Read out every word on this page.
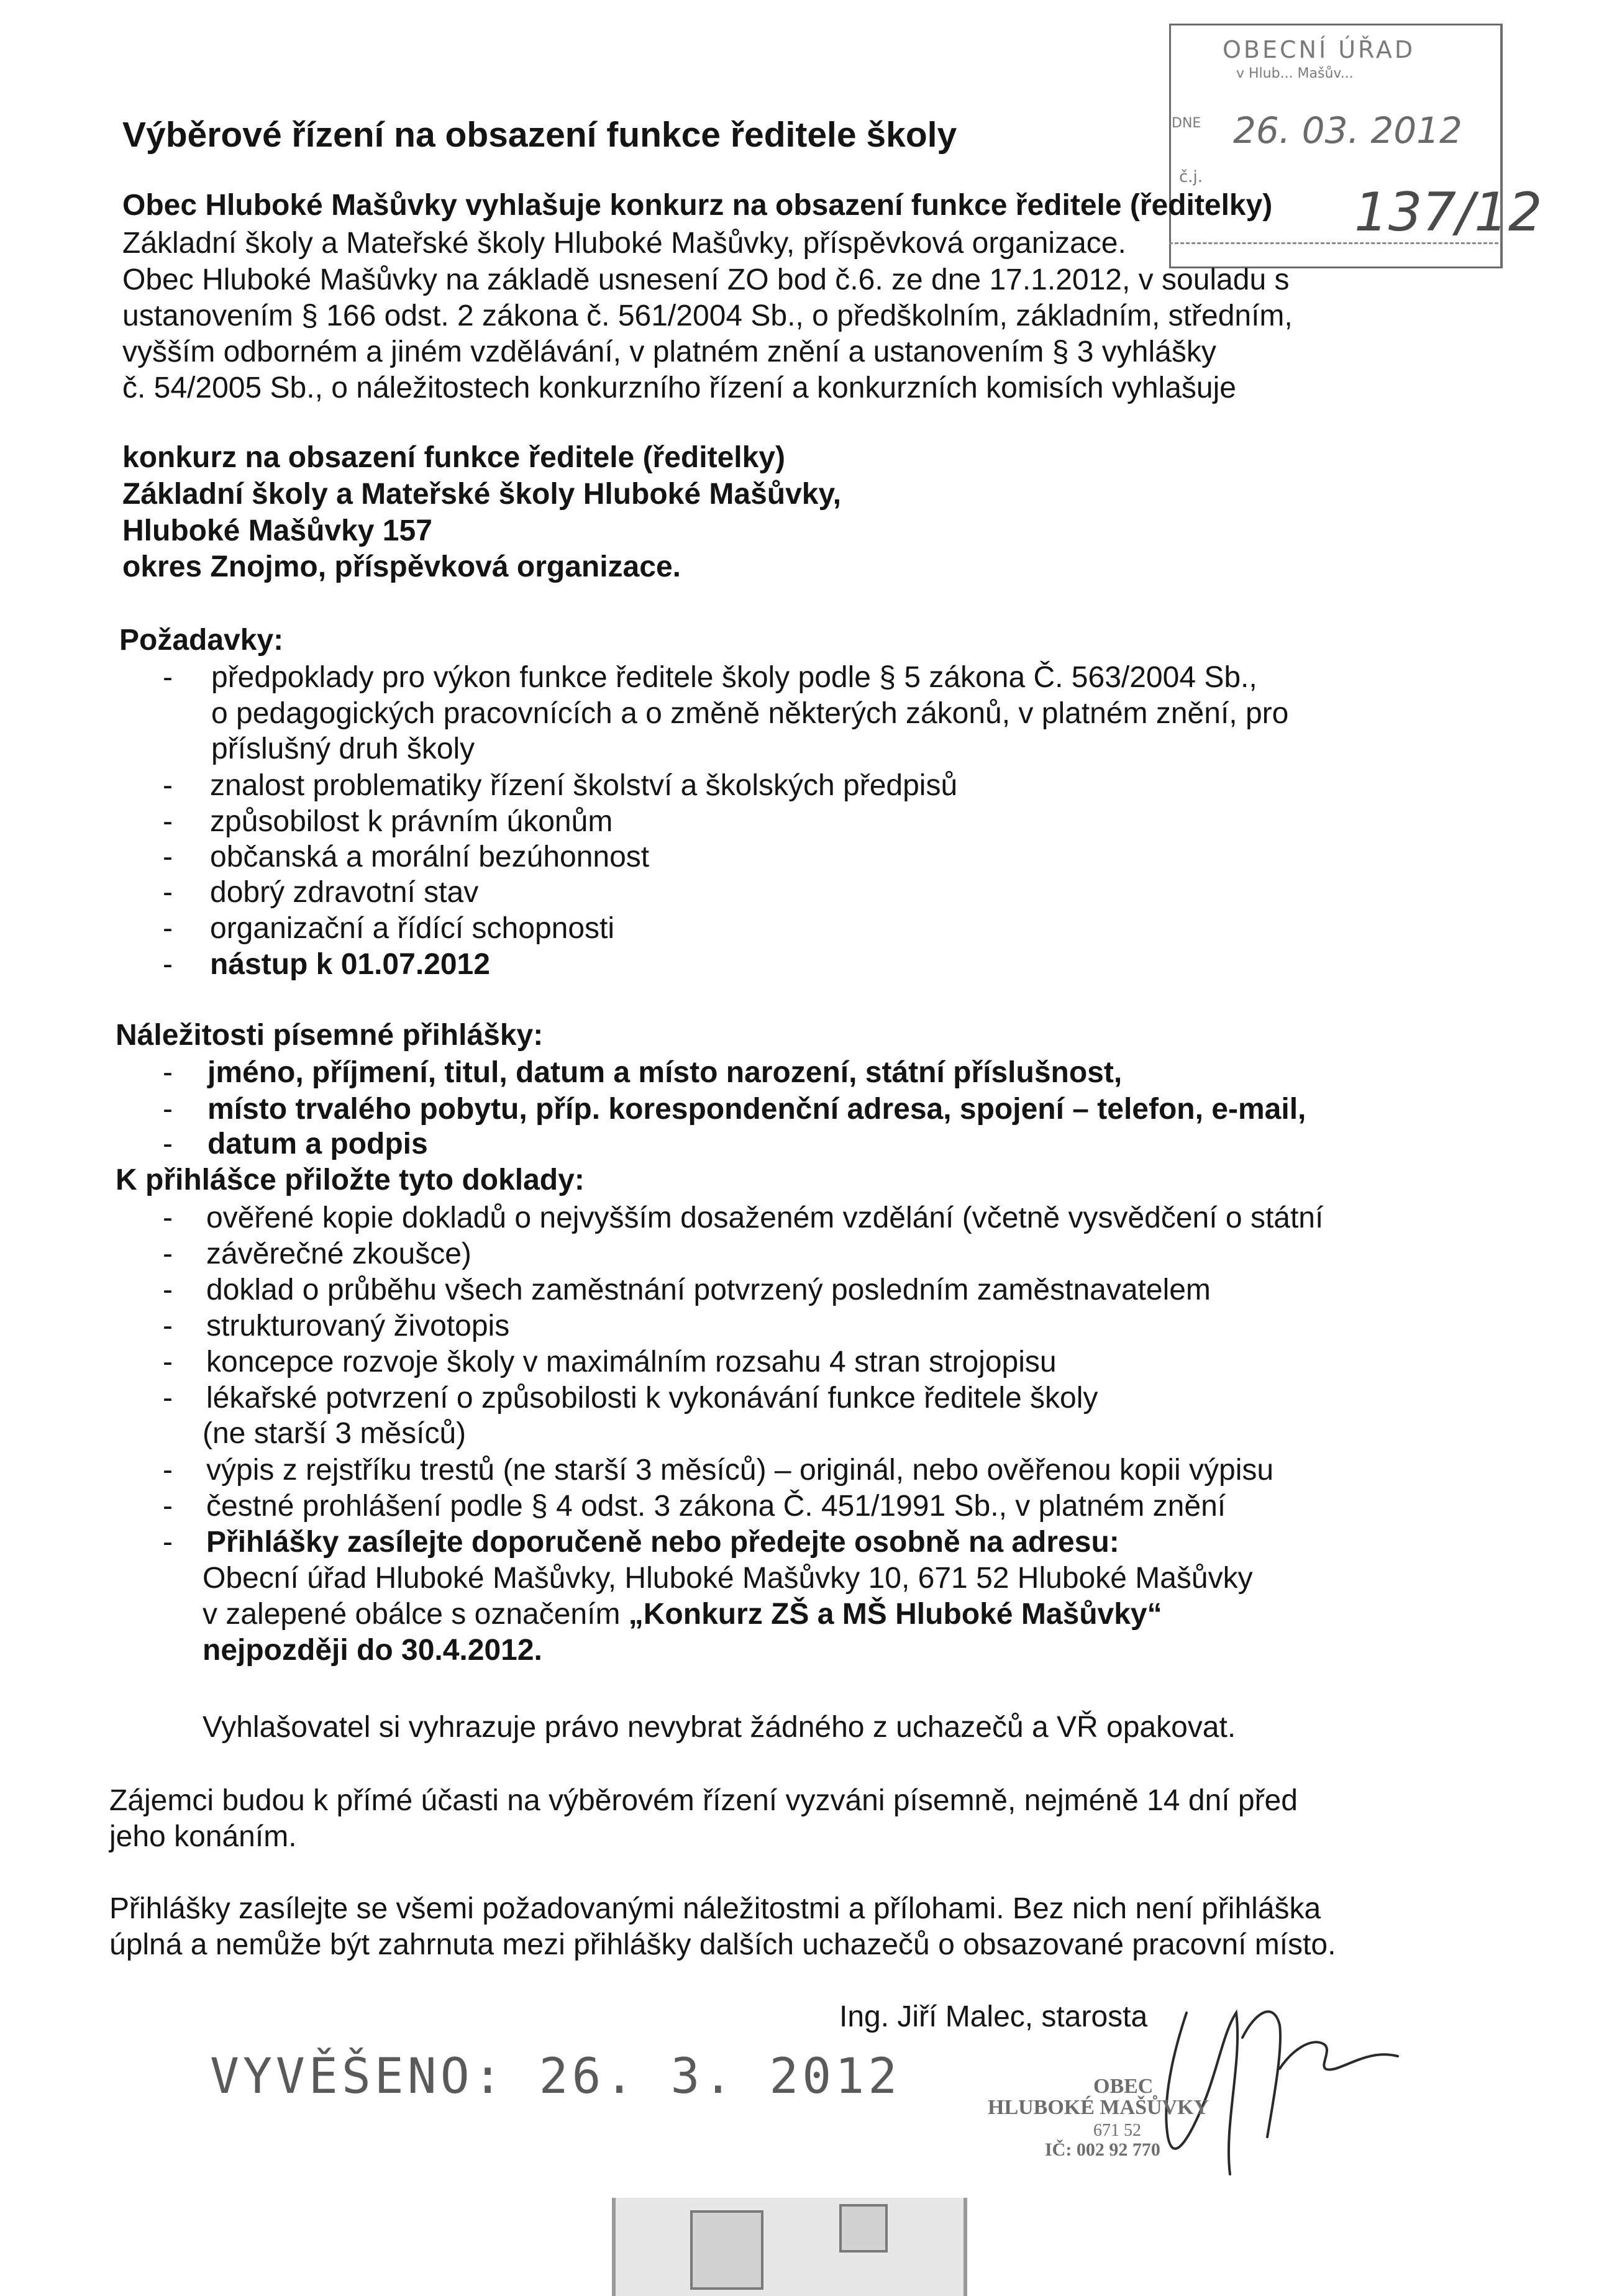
OBECNÍ ÚŘAD
v Hlub... Mašův...
DNE 26. 03. 2012
č.j.
137/12
Výběrové řízení na obsazení funkce ředitele školy
Obec Hluboké Mašůvky vyhlašuje konkurz na obsazení funkce ředitele (ředitelky)
Základní školy a Mateřské školy Hluboké Mašůvky, příspěvková organizace.
Obec Hluboké Mašůvky na základě usnesení ZO bod č.6. ze dne 17.1.2012, v souladu s
ustanovením § 166 odst. 2 zákona č. 561/2004 Sb., o předškolním, základním, středním,
vyšším odborném a jiném vzdělávání, v platném znění a ustanovením § 3 vyhlášky
č. 54/2005 Sb., o náležitostech konkurzního řízení a konkurzních komisích vyhlašuje
konkurz na obsazení funkce ředitele (ředitelky)
Základní školy a Mateřské školy Hluboké Mašůvky,
Hluboké Mašůvky 157
okres Znojmo, příspěvková organizace.
Požadavky:
- předpoklady pro výkon funkce ředitele školy podle § 5 zákona Č. 563/2004 Sb.,
o pedagogických pracovnících a o změně některých zákonů, v platném znění, pro
příslušný druh školy
- znalost problematiky řízení školství a školských předpisů
- způsobilost k právním úkonům
- občanská a morální bezúhonnost
- dobrý zdravotní stav
- organizační a řídící schopnosti
- nástup k 01.07.2012
Náležitosti písemné přihlášky:
- jméno, příjmení, titul, datum a místo narození, státní příslušnost,
- místo trvalého pobytu, příp. korespondenční adresa, spojení – telefon, e-mail,
- datum a podpis
K přihlášce přiložte tyto doklady:
- ověřené kopie dokladů o nejvyšším dosaženém vzdělání (včetně vysvědčení o státní
- závěrečné zkoušce)
- doklad o průběhu všech zaměstnání potvrzený posledním zaměstnavatelem
- strukturovaný životopis
- koncepce rozvoje školy v maximálním rozsahu 4 stran strojopisu
- lékařské potvrzení o způsobilosti k vykonávání funkce ředitele školy
(ne starší 3 měsíců)
- výpis z rejstříku trestů (ne starší 3 měsíců) – originál, nebo ověřenou kopii výpisu
- čestné prohlášení podle § 4 odst. 3 zákona Č. 451/1991 Sb., v platném znění
- Přihlášky zasílejte doporučeně nebo předejte osobně na adresu:
Obecní úřad Hluboké Mašůvky, Hluboké Mašůvky 10, 671 52 Hluboké Mašůvky
v zalepené obálce s označením „Konkurz ZŠ a MŠ Hluboké Mašůvky“
nejpozději do 30.4.2012.
Vyhlašovatel si vyhrazuje právo nevybrat žádného z uchazečů a VŘ opakovat.
Zájemci budou k přímé účasti na výběrovém řízení vyzváni písemně, nejméně 14 dní před
jeho konáním.
Přihlášky zasílejte se všemi požadovanými náležitostmi a přílohami. Bez nich není přihláška
úplná a nemůže být zahrnuta mezi přihlášky dalších uchazečů o obsazované pracovní místo.
Ing. Jiří Malec, starosta
OBEC
HLUBOKÉ MAŠŮVKY
671 52
IČ: 002 92 770
VYVĚŠENO: 26. 3. 2012
